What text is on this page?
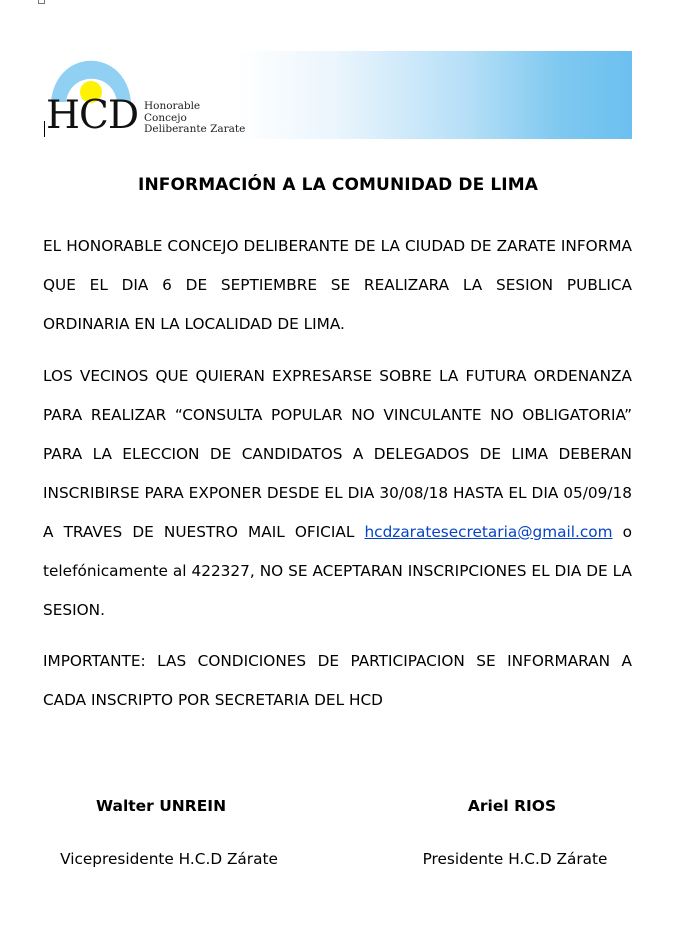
HCD Honorable
Concejo
Deliberante Zarate
INFORMACIÓN A LA COMUNIDAD DE LIMA

EL HONORABLE CONCEJO DELIBERANTE DE LA CIUDAD DE ZARATE INFORMA QUE EL DIA 6 DE SEPTIEMBRE SE REALIZARA LA SESION PUBLICA ORDINARIA EN LA LOCALIDAD DE LIMA.

LOS VECINOS QUE QUIERAN EXPRESARSE SOBRE LA FUTURA ORDENANZA PARA REALIZAR “CONSULTA POPULAR NO VINCULANTE NO OBLIGATORIA” PARA LA ELECCION DE CANDIDATOS A DELEGADOS DE LIMA DEBERAN INSCRIBIRSE PARA EXPONER DESDE EL DIA 30/08/18 HASTA EL DIA 05/09/18 A TRAVES DE NUESTRO MAIL OFICIAL hcdzaratesecretaria@gmail.com o telefónicamente al 422327, NO SE ACEPTARAN INSCRIPCIONES EL DIA DE LA SESION.

IMPORTANTE: LAS CONDICIONES DE PARTICIPACION SE INFORMARAN A CADA INSCRIPTO POR SECRETARIA DEL HCD

Walter UNREIN
Vicepresidente H.C.D Zárate
Ariel RIOS
Presidente H.C.D Zárate
